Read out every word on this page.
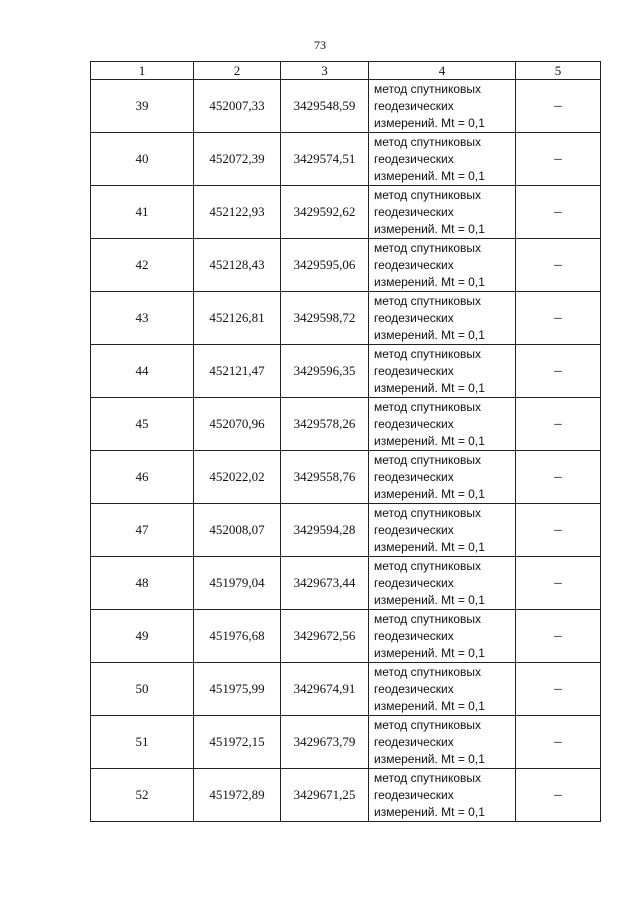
73
1	2	3	4	5
39	452007,33	3429548,59	метод спутниковых
геодезических
измерений. Mt = 0,1	–
40	452072,39	3429574,51	метод спутниковых
геодезических
измерений. Mt = 0,1	–
41	452122,93	3429592,62	метод спутниковых
геодезических
измерений. Mt = 0,1	–
42	452128,43	3429595,06	метод спутниковых
геодезических
измерений. Mt = 0,1	–
43	452126,81	3429598,72	метод спутниковых
геодезических
измерений. Mt = 0,1	–
44	452121,47	3429596,35	метод спутниковых
геодезических
измерений. Mt = 0,1	–
45	452070,96	3429578,26	метод спутниковых
геодезических
измерений. Mt = 0,1	–
46	452022,02	3429558,76	метод спутниковых
геодезических
измерений. Mt = 0,1	–
47	452008,07	3429594,28	метод спутниковых
геодезических
измерений. Mt = 0,1	–
48	451979,04	3429673,44	метод спутниковых
геодезических
измерений. Mt = 0,1	–
49	451976,68	3429672,56	метод спутниковых
геодезических
измерений. Mt = 0,1	–
50	451975,99	3429674,91	метод спутниковых
геодезических
измерений. Mt = 0,1	–
51	451972,15	3429673,79	метод спутниковых
геодезических
измерений. Mt = 0,1	–
52	451972,89	3429671,25	метод спутниковых
геодезических
измерений. Mt = 0,1	–
